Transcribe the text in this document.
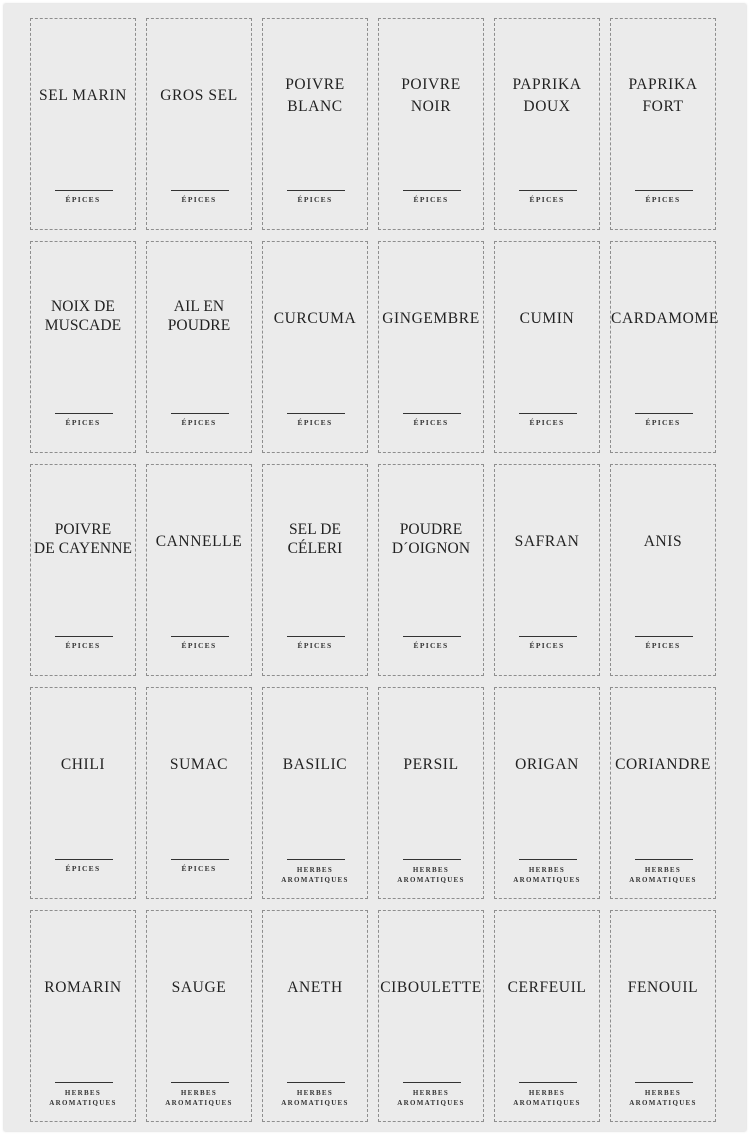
SEL MARIN
ÉPICES
GROS SEL
ÉPICES
POIVRE
BLANC
ÉPICES
POIVRE
NOIR
ÉPICES
PAPRIKA
DOUX
ÉPICES
PAPRIKA
FORT
ÉPICES
NOIX DE
MUSCADE
ÉPICES
AIL EN
POUDRE
ÉPICES
CURCUMA
ÉPICES
GINGEMBRE
ÉPICES
CUMIN
ÉPICES
CARDAMOME
ÉPICES
POIVRE
DE CAYENNE
ÉPICES
CANNELLE
ÉPICES
SEL DE
CÉLERI
ÉPICES
POUDRE
D´OIGNON
ÉPICES
SAFRAN
ÉPICES
ANIS
ÉPICES
CHILI
ÉPICES
SUMAC
ÉPICES
BASILIC
HERBES
AROMATIQUES
PERSIL
HERBES
AROMATIQUES
ORIGAN
HERBES
AROMATIQUES
CORIANDRE
HERBES
AROMATIQUES
ROMARIN
HERBES
AROMATIQUES
SAUGE
HERBES
AROMATIQUES
ANETH
HERBES
AROMATIQUES
CIBOULETTE
HERBES
AROMATIQUES
CERFEUIL
HERBES
AROMATIQUES
FENOUIL
HERBES
AROMATIQUES
